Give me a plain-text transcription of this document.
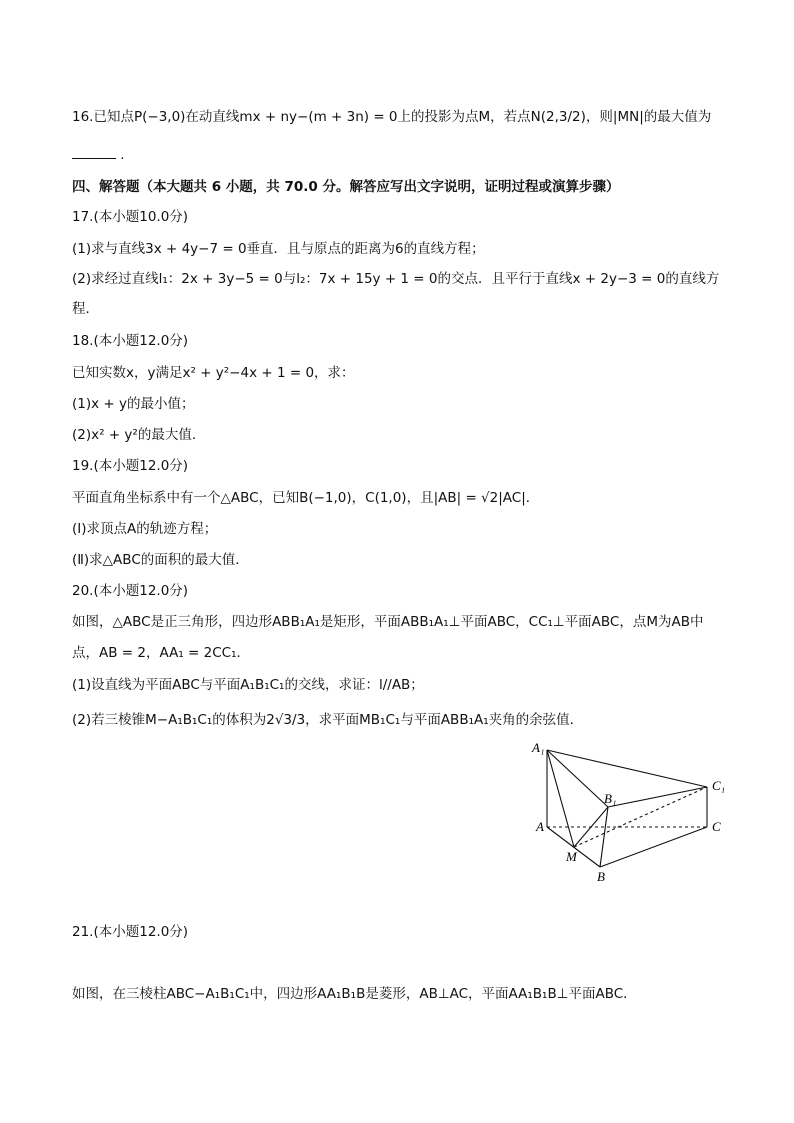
16.已知点P(−3,0)在动直线mx + ny−(m + 3n) = 0上的投影为点M，若点N(2,3/2)，则|MN|的最大值为
.
四、解答题（本大题共 6 小题，共 70.0 分。解答应写出文字说明，证明过程或演算步骤）
17.(本小题10.0分)
(1)求与直线3x + 4y−7 = 0垂直．且与原点的距离为6的直线方程；
(2)求经过直线l₁：2x + 3y−5 = 0与l₂：7x + 15y + 1 = 0的交点．且平行于直线x + 2y−3 = 0的直线方
程．
18.(本小题12.0分)
已知实数x，y满足x² + y²−4x + 1 = 0，求：
(1)x + y的最小值；
(2)x² + y²的最大值．
19.(本小题12.0分)
平面直角坐标系中有一个△ABC，已知B(−1,0)，C(1,0)，且|AB| = √2|AC|．
(Ⅰ)求顶点A的轨迹方程；
(Ⅱ)求△ABC的面积的最大值．
20.(本小题12.0分)
如图，△ABC是正三角形，四边形ABB₁A₁是矩形，平面ABB₁A₁⊥平面ABC，CC₁⊥平面ABC，点M为AB中
点，AB = 2，AA₁ = 2CC₁．
(1)设直线为平面ABC与平面A₁B₁C₁的交线，求证：l//AB；
(2)若三棱锥M−A₁B₁C₁的体积为2√3/3，求平面MB₁C₁与平面ABB₁A₁夹角的余弦值．
A₁
C₁
B₁
A	C
M
B
21.(本小题12.0分)
如图，在三棱柱ABC−A₁B₁C₁中，四边形AA₁B₁B是菱形，AB⊥AC，平面AA₁B₁B⊥平面ABC．
